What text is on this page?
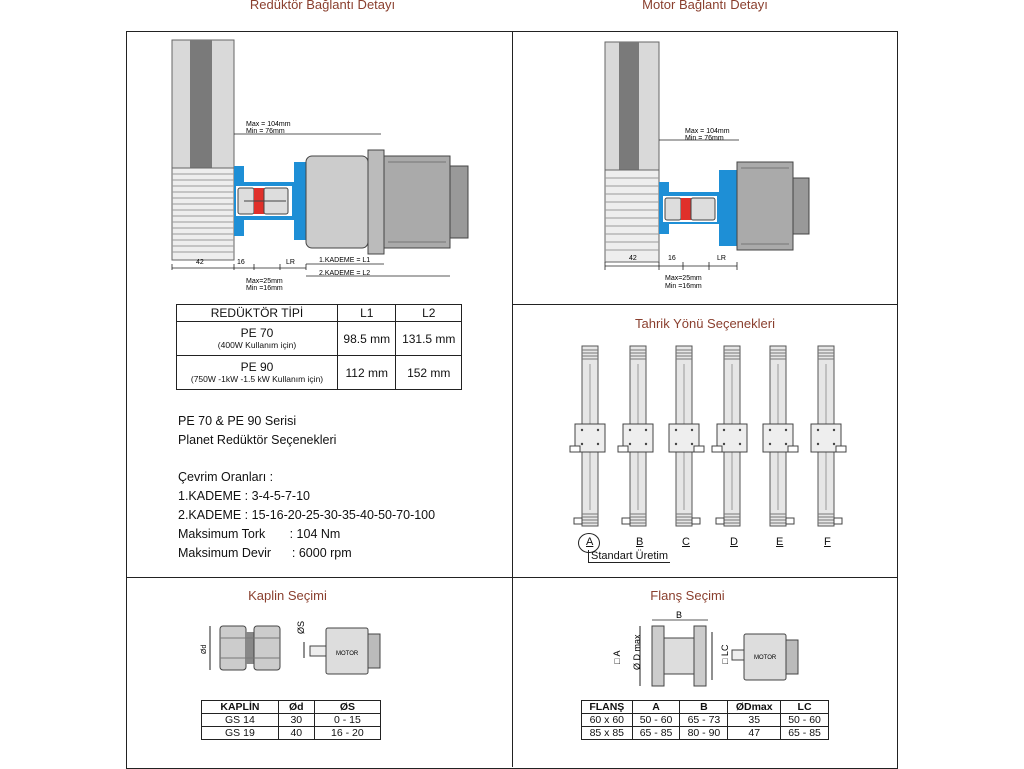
Redüktör Bağlantı Detayı	Motor Bağlantı Detayı
Max = 104mm
Min = 76mm
42	16	LR	1.KADEME = L1
2.KADEME = L2
Max=25mm
Min =16mm
Max = 104mm
Min = 76mm
42	16	LR
Max=25mm
Min =16mm
REDÜKTÖR TİPİ	L1	L2
PE 70
(400W Kullanım için)	98.5 mm	131.5 mm
PE 90
(750W -1kW -1.5 kW Kullanım için)	112 mm	152 mm
PE 70 & PE 90 Serisi
Planet Redüktör Seçenekleri
Çevrim Oranları :
1.KADEME : 3-4-5-7-10
2.KADEME : 15-16-20-25-30-35-40-50-70-100
Maksimum Tork       : 104 Nm
Maksimum Devir      : 6000 rpm
Tahrik Yönü Seçenekleri
A	B	C	D	E	F
Standart Üretim
Kaplin Seçimi
Ød
ØS
MOTOR
KAPLİN	Ød	ØS
GS 14	30	0 - 15
GS 19	40	16 - 20
Flanş Seçimi
B
□ A Ø D max	□ LC	MOTOR
FLANŞ	A	B	ØDmax	LC
60 x 60	50 - 60	65 - 73	35	50 - 60
85 x 85	65 - 85	80 - 90	47	65 - 85
